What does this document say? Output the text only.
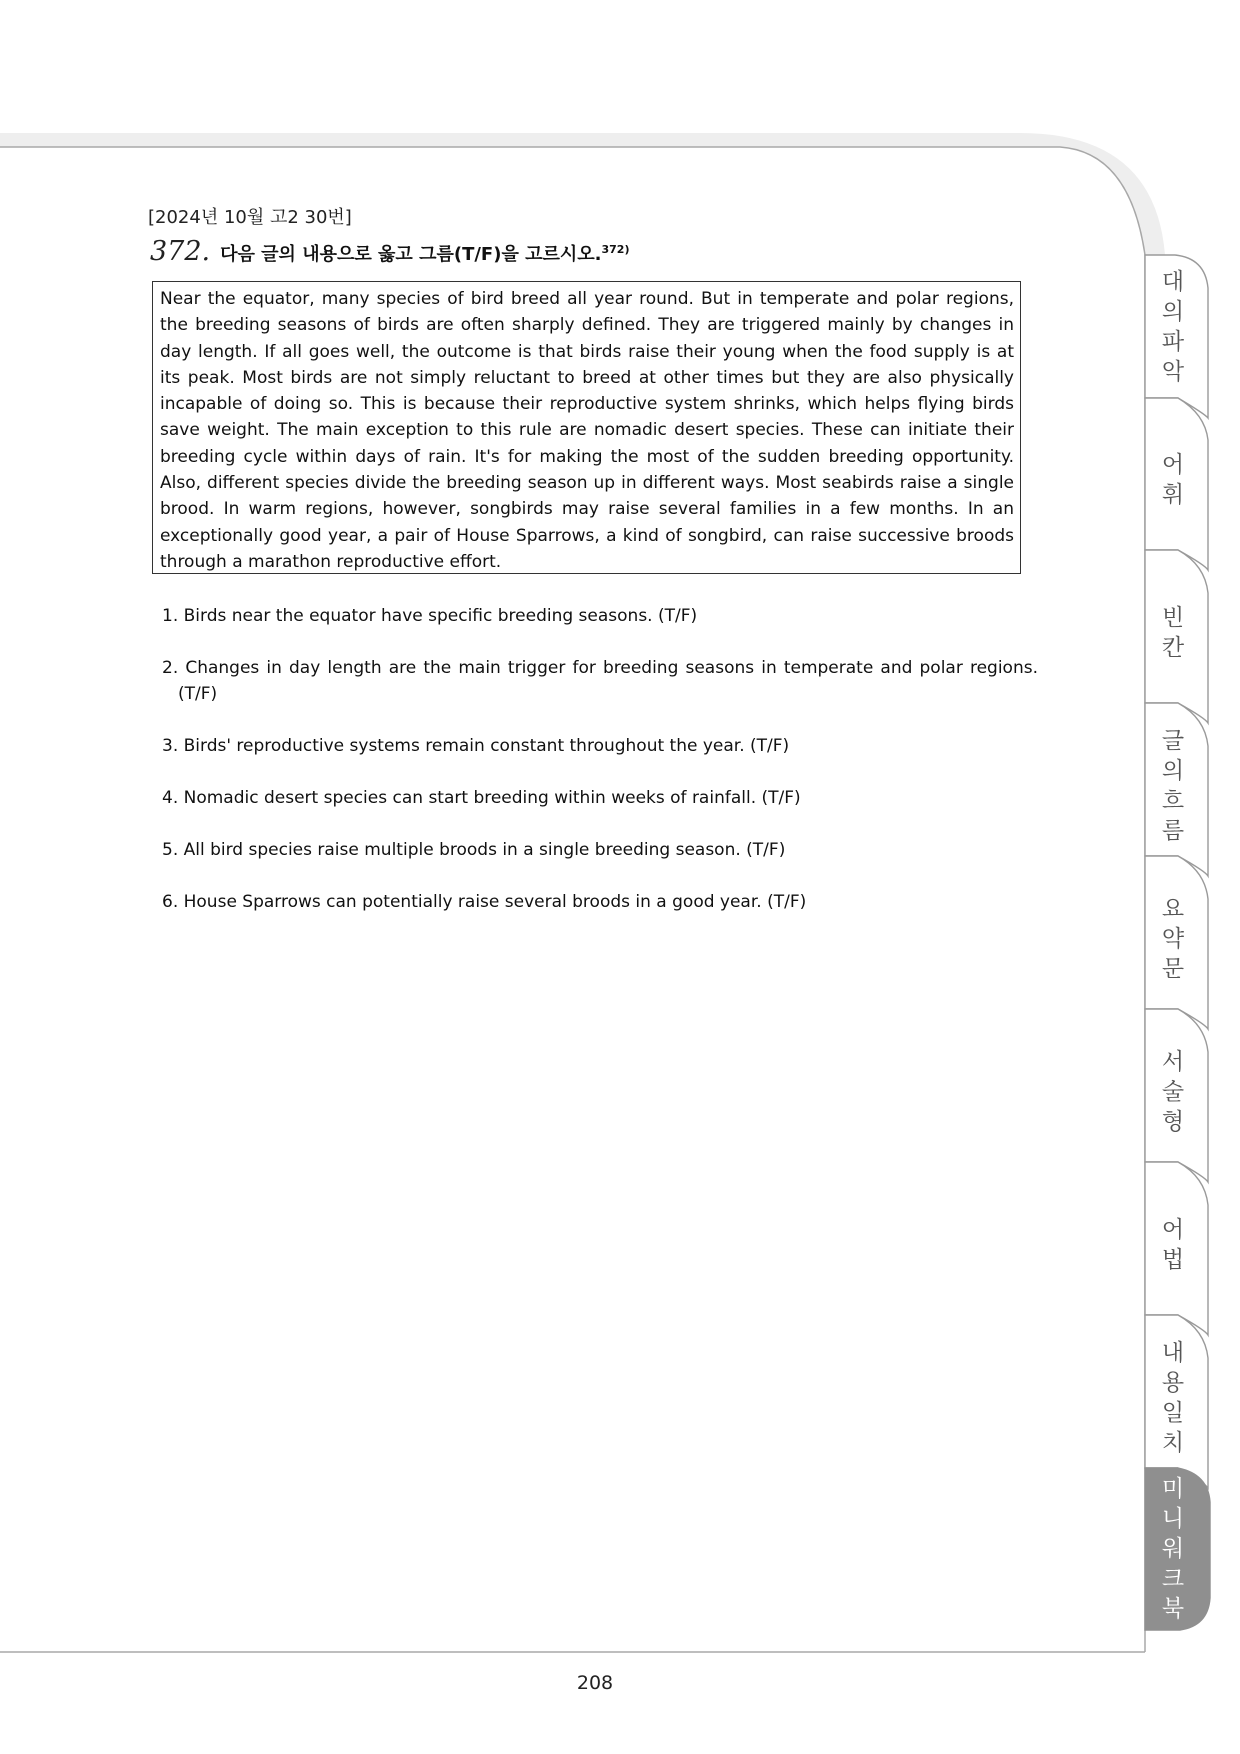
[2024년 10월 고2 30번]
372. 다음 글의 내용으로 옳고 그름(T/F)을 고르시오.$^{372)}$
Near the equator, many species of bird breed all year round. But in temperate and polar regions, the breeding seasons of birds are often sharply defined. They are triggered mainly by changes in day length. If all goes well, the outcome is that birds raise their young when the food supply is at its peak. Most birds are not simply reluctant to breed at other times but they are also physically incapable of doing so. This is because their reproductive system shrinks, which helps flying birds save weight. The main exception to this rule are nomadic desert species. These can initiate their breeding cycle within days of rain. It's for making the most of the sudden breeding opportunity. Also, different species divide the breeding season up in different ways. Most seabirds raise a single brood. In warm regions, however, songbirds may raise several families in a few months. In an exceptionally good year, a pair of House Sparrows, a kind of songbird, can raise successive broods through a marathon reproductive effort.
1. Birds near the equator have specific breeding seasons. (T/F)
2. Changes in day length are the main trigger for breeding seasons in temperate and polar regions. (T/F)
3. Birds' reproductive systems remain constant throughout the year. (T/F)
4. Nomadic desert species can start breeding within weeks of rainfall. (T/F)
5. All bird species raise multiple broods in a single breeding season. (T/F)
6. House Sparrows can potentially raise several broods in a good year. (T/F)
대의파악
어휘
빈칸
글의흐름
요약문
서술형
어법
내용일치
미니워크북
208
